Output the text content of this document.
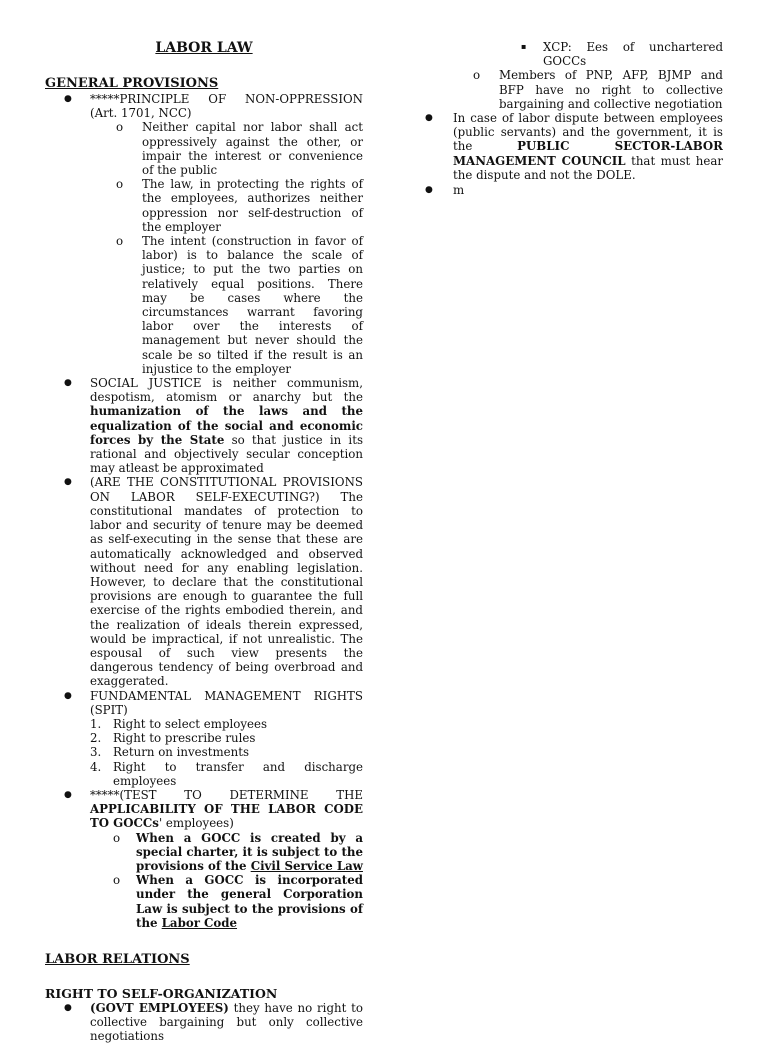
LABOR LAW
GENERAL PROVISIONS
● *****PRINCIPLE OF NON-OPPRESSION (Art. 1701, NCC)
o Neither capital nor labor shall act oppressively against the other, or impair the interest or convenience of the public
o The law, in protecting the rights of the employees, authorizes neither oppression nor self-destruction of the employer
o The intent (construction in favor of labor) is to balance the scale of justice; to put the two parties on relatively equal positions. There may be cases where the circumstances warrant favoring labor over the interests of management but never should the scale be so tilted if the result is an injustice to the employer
● SOCIAL JUSTICE is neither communism, despotism, atomism or anarchy but the humanization of the laws and the equalization of the social and economic forces by the State so that justice in its rational and objectively secular conception may atleast be approximated
● (ARE THE CONSTITUTIONAL PROVISIONS ON LABOR SELF-EXECUTING?) The constitutional mandates of protection to labor and security of tenure may be deemed as self-executing in the sense that these are automatically acknowledged and observed without need for any enabling legislation. However, to declare that the constitutional provisions are enough to guarantee the full exercise of the rights embodied therein, and the realization of ideals therein expressed, would be impractical, if not unrealistic. The espousal of such view presents the dangerous tendency of being overbroad and exaggerated.
● FUNDAMENTAL MANAGEMENT RIGHTS (SPIT)
1. Right to select employees
2. Right to prescribe rules
3. Return on investments
4. Right to transfer and discharge employees
● *****(TEST TO DETERMINE THE APPLICABILITY OF THE LABOR CODE TO GOCCs' employees)
o When a GOCC is created by a special charter, it is subject to the provisions of the Civil Service Law
o When a GOCC is incorporated under the general Corporation Law is subject to the provisions of the Labor Code
LABOR RELATIONS
RIGHT TO SELF-ORGANIZATION
● (GOVT EMPLOYEES) they have no right to collective bargaining but only collective negotiations
▪ XCP: Ees of unchartered GOCCs
o Members of PNP, AFP, BJMP and BFP have no right to collective bargaining and collective negotiation
● In case of labor dispute between employees (public servants) and the government, it is the PUBLIC SECTOR-LABOR MANAGEMENT COUNCIL that must hear the dispute and not the DOLE.
● m
